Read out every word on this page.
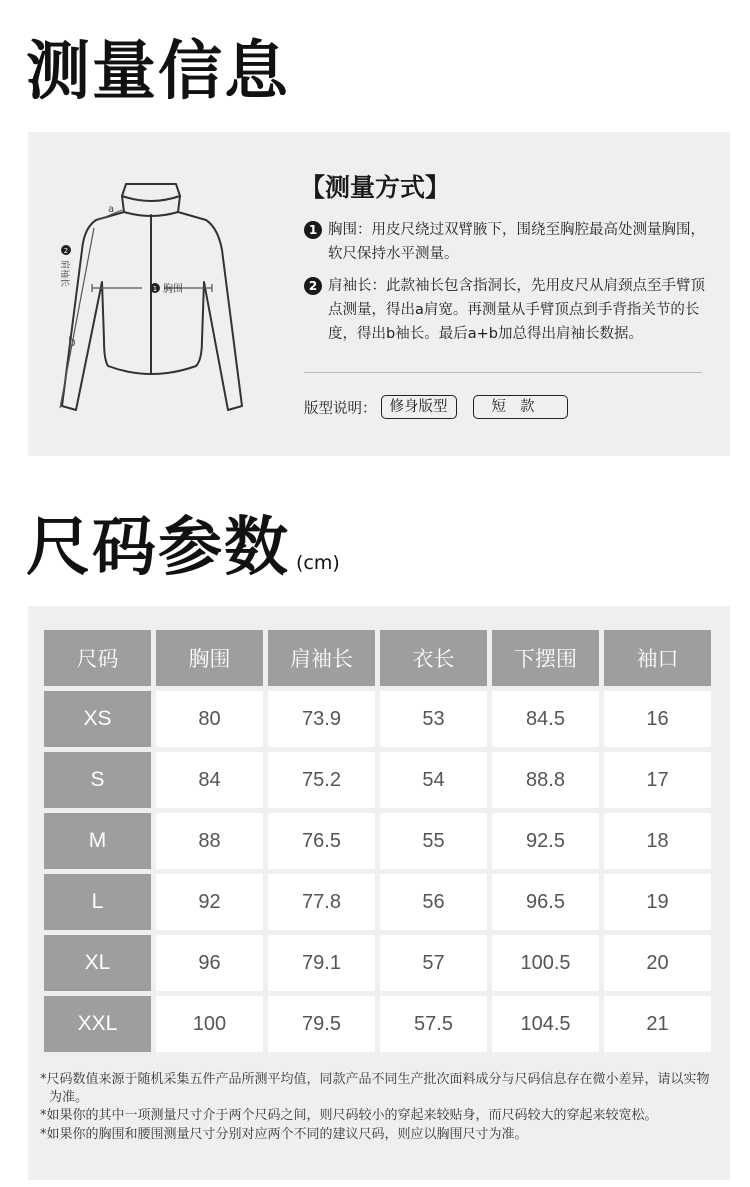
测量信息
a
b
1 胸围
2
肩袖长
【测量方式】
1 胸围：用皮尺绕过双臂腋下，围绕至胸腔最高处测量胸围，软尺保持水平测量。
2 肩袖长：此款袖长包含指洞长，先用皮尺从肩颈点至手臂顶点测量，得出a肩宽。再测量从手臂顶点到手背指关节的长度，得出b袖长。最后a+b加总得出肩袖长数据。
版型说明： 修身版型	短款
尺码参数 (cm)
尺码	胸围	肩袖长	衣长	下摆围	袖口
XS	80	73.9	53	84.5	16
S	84	75.2	54	88.8	17
M	88	76.5	55	92.5	18
L	92	77.8	56	96.5	19
XL	96	79.1	57	100.5	20
XXL	100	79.5	57.5	104.5	21
*尺码数值来源于随机采集五件产品所测平均值，同款产品不同生产批次面料成分与尺码信息存在微小差异，请以实物为准。
*如果你的其中一项测量尺寸介于两个尺码之间，则尺码较小的穿起来较贴身，而尺码较大的穿起来较宽松。
*如果你的胸围和腰围测量尺寸分别对应两个不同的建议尺码，则应以胸围尺寸为准。
